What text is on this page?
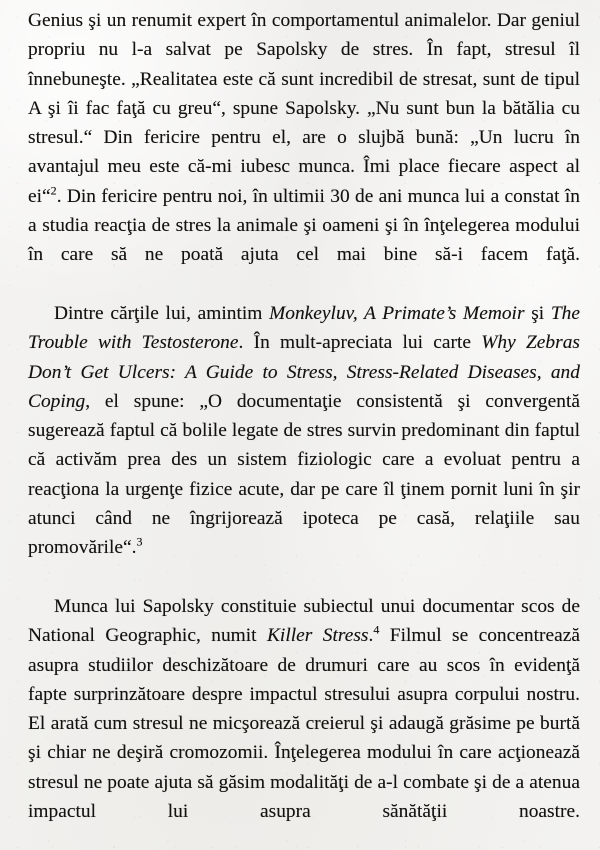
Genius şi un renumit expert în comportamentul animalelor. Dar geniul propriu nu l-a salvat pe Sapolsky de stres. În fapt, stresul îl înnebuneşte. „Realitatea este că sunt incredibil de stresat, sunt de tipul A şi îi fac faţă cu greu“, spune Sapolsky. „Nu sunt bun la bătălia cu stresul.“ Din fericire pentru el, are o slujbă bună: „Un lucru în avantajul meu este că-mi iubesc munca. Îmi place fiecare aspect al ei“$^2$. Din fericire pentru noi, în ultimii 30 de ani munca lui a constat în a studia reacţia de stres la animale şi oameni şi în înţelegerea modului în care să ne poată ajuta cel mai bine să-i facem faţă.

Dintre cărţile lui, amintim Monkeyluv, A Primate’s Memoir şi The Trouble with Testosterone. În mult-apreciata lui carte Why Zebras Don’t Get Ulcers: A Guide to Stress, Stress-Related Diseases, and Coping, el spune: „O documentaţie consistentă şi convergentă sugerează faptul că bolile legate de stres survin predominant din faptul că activăm prea des un sistem fiziologic care a evoluat pentru a reacţiona la urgenţe fizice acute, dar pe care îl ţinem pornit luni în şir atunci când ne îngrijorează ipoteca pe casă, relaţiile sau promovările“.$^3$

Munca lui Sapolsky constituie subiectul unui documentar scos de National Geographic, numit Killer Stress.$^4$ Filmul se concentrează asupra studiilor deschizătoare de drumuri care au scos în evidenţă fapte surprinzătoare despre impactul stresului asupra corpului nostru. El arată cum stresul ne micşorează creierul şi adaugă grăsime pe burtă şi chiar ne deşiră cromozomii. Înţelegerea modului în care acţionează stresul ne poate ajuta să găsim modalităţi de a-l combate şi de a atenua impactul lui asupra sănătăţii noastre.
